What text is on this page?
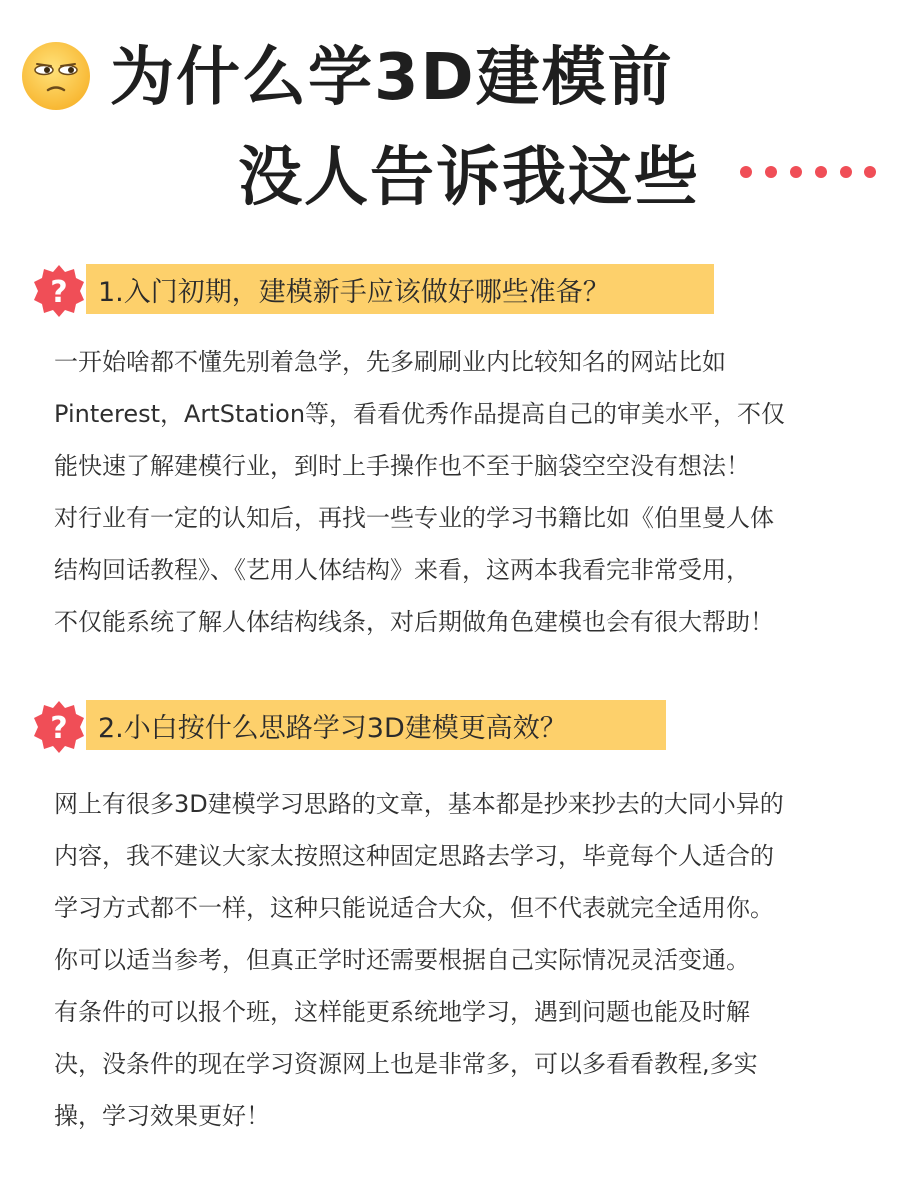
为什么学3D建模前
没人告诉我这些
1.入门初期，建模新手应该做好哪些准备？
?
一开始啥都不懂先别着急学，先多刷刷业内比较知名的网站比如
Pinterest，ArtStation等，看看优秀作品提高自己的审美水平，不仅
能快速了解建模行业，到时上手操作也不至于脑袋空空没有想法！
对行业有一定的认知后，再找一些专业的学习书籍比如《伯里曼人体
结构回话教程》、《艺用人体结构》来看，这两本我看完非常受用，
不仅能系统了解人体结构线条，对后期做角色建模也会有很大帮助！
2.小白按什么思路学习3D建模更高效？
?
网上有很多3D建模学习思路的文章，基本都是抄来抄去的大同小异的
内容，我不建议大家太按照这种固定思路去学习，毕竟每个人适合的
学习方式都不一样，这种只能说适合大众，但不代表就完全适用你。
你可以适当参考，但真正学时还需要根据自己实际情况灵活变通。
有条件的可以报个班，这样能更系统地学习，遇到问题也能及时解
决，没条件的现在学习资源网上也是非常多，可以多看看教程,多实
操，学习效果更好！
